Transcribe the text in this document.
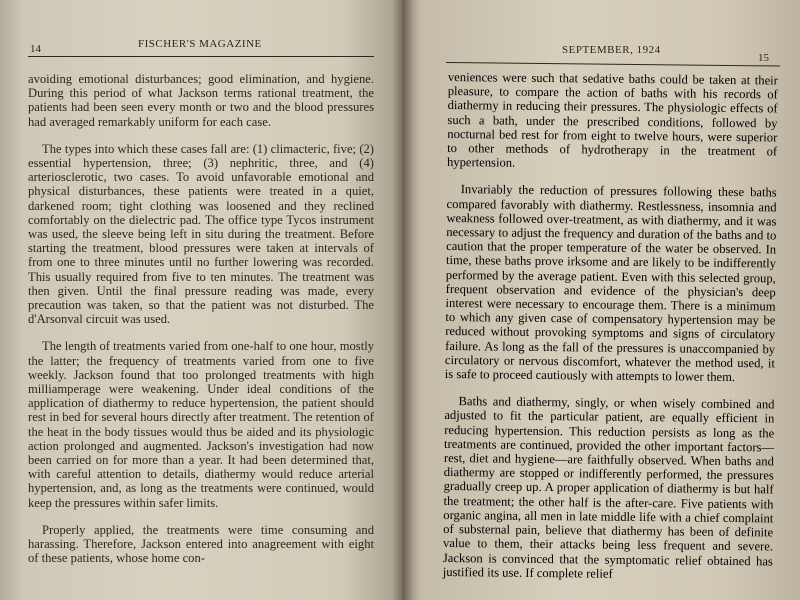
14	FISCHER'S MAGAZINE

avoiding emotional disturbances; good elimination, and hygiene. During this period of what Jackson terms rational treatment, the patients had been seen every month or two and the blood pressures had averaged remarkably uniform for each case.

The types into which these cases fall are: (1) climacteric, five; (2) essential hypertension, three; (3) nephritic, three, and (4) arteriosclerotic, two cases. To avoid unfavorable emotional and physical disturbances, these patients were treated in a quiet, darkened room; tight clothing was loosened and they reclined comfortably on the dielectric pad. The office type Tycos instrument was used, the sleeve being left in situ during the treatment. Before starting the treatment, blood pressures were taken at intervals of from one to three minutes until no further lowering was recorded. This usually required from five to ten minutes. The treatment was then given. Until the final pressure reading was made, every precaution was taken, so that the patient was not disturbed. The d'Arsonval circuit was used.

The length of treatments varied from one-half to one hour, mostly the latter; the frequency of treatments varied from one to five weekly. Jackson found that too prolonged treatments with high milliamperage were weakening. Under ideal conditions of the application of diathermy to reduce hypertension, the patient should rest in bed for several hours directly after treatment. The retention of the heat in the body tissues would thus be aided and its physiologic action prolonged and augmented. Jackson's investigation had now been carried on for more than a year. It had been determined that, with careful attention to details, diathermy would reduce arterial hypertension, and, as long as the treatments were continued, would keep the pressures within safer limits.

Properly applied, the treatments were time consuming and harassing. Therefore, Jackson entered into anagreement with eight of these patients, whose home con-

SEPTEMBER, 1924
15

veniences were such that sedative baths could be taken at their pleasure, to compare the action of baths with his records of diathermy in reducing their pressures. The physiologic effects of such a bath, under the prescribed conditions, followed by nocturnal bed rest for from eight to twelve hours, were superior to other methods of hydrotherapy in the treatment of hypertension.

Invariably the reduction of pressures following these baths compared favorably with diathermy. Restlessness, insomnia and weakness followed over-treatment, as with diathermy, and it was necessary to adjust the frequency and duration of the baths and to caution that the proper temperature of the water be observed. In time, these baths prove irksome and are likely to be indifferently performed by the average patient. Even with this selected group, frequent observation and evidence of the physician's deep interest were necessary to encourage them. There is a minimum to which any given case of compensatory hypertension may be reduced without provoking symptoms and signs of circulatory failure. As long as the fall of the pressures is unaccompanied by circulatory or nervous discomfort, whatever the method used, it is safe to proceed cautiously with attempts to lower them.

Baths and diathermy, singly, or when wisely combined and adjusted to fit the particular patient, are equally efficient in reducing hypertension. This reduction persists as long as the treatments are continued, provided the other important factors—rest, diet and hygiene—are faithfully observed. When baths and diathermy are stopped or indifferently performed, the pressures gradually creep up. A proper application of diathermy is but half the treatment; the other half is the after-care. Five patients with organic angina, all men in late middle life with a chief complaint of substernal pain, believe that diathermy has been of definite value to them, their attacks being less frequent and severe. Jackson is convinced that the symptomatic relief obtained has justified its use. If complete relief
